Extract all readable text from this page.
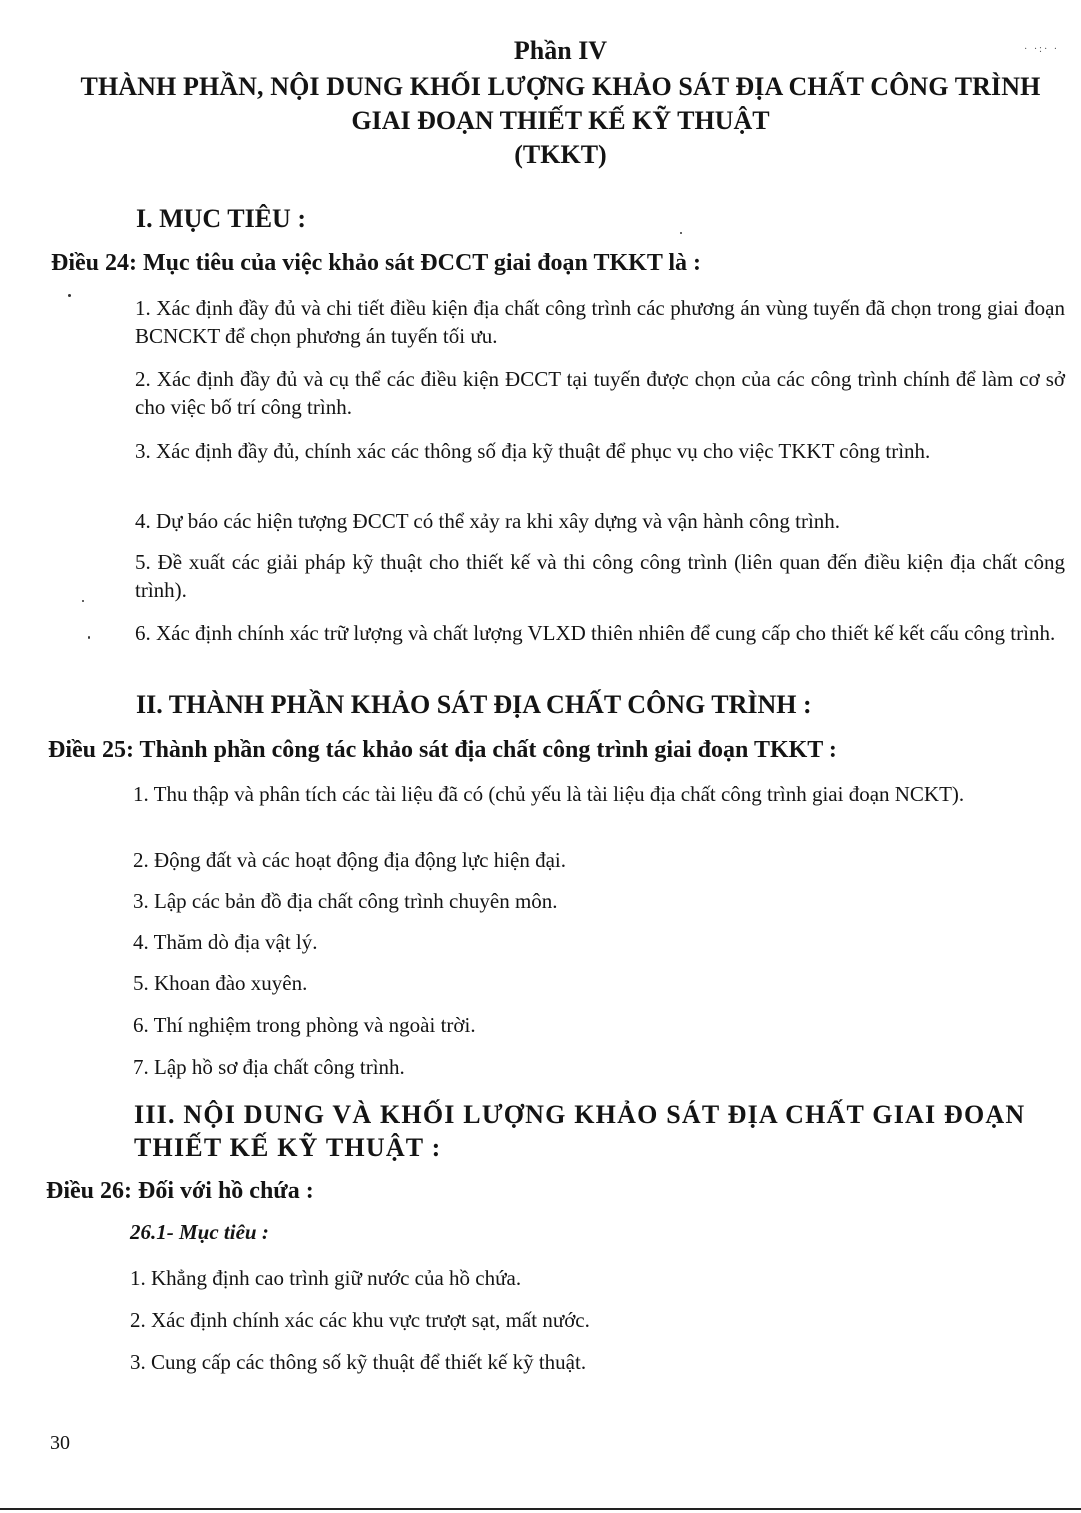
· ·:· ·
Phần IV
THÀNH PHẦN, NỘI DUNG KHỐI LƯỢNG KHẢO SÁT ĐỊA CHẤT CÔNG TRÌNH
GIAI ĐOẠN THIẾT KẾ KỸ THUẬT
(TKKT)
I. MỤC TIÊU :
Điều 24: Mục tiêu của việc khảo sát ĐCCT giai đoạn TKKT là :
1. Xác định đầy đủ và chi tiết điều kiện địa chất công trình các phương án vùng tuyến đã chọn trong giai đoạn BCNCKT để chọn phương án tuyến tối ưu.
2. Xác định đầy đủ và cụ thể các điều kiện ĐCCT tại tuyến được chọn của các công trình chính để làm cơ sở cho việc bố trí công trình.
3. Xác định đầy đủ, chính xác các thông số địa kỹ thuật để phục vụ cho việc TKKT công trình.
4. Dự báo các hiện tượng ĐCCT có thể xảy ra khi xây dựng và vận hành công trình.
5. Đề xuất các giải pháp kỹ thuật cho thiết kế và thi công công trình (liên quan đến điều kiện địa chất công trình).
6. Xác định chính xác trữ lượng và chất lượng VLXD thiên nhiên để cung cấp cho thiết kế kết cấu công trình.
II. THÀNH PHẦN KHẢO SÁT ĐỊA CHẤT CÔNG TRÌNH :
Điều 25: Thành phần công tác khảo sát địa chất công trình giai đoạn TKKT :
1. Thu thập và phân tích các tài liệu đã có (chủ yếu là tài liệu địa chất công trình giai đoạn NCKT).
2. Động đất và các hoạt động địa động lực hiện đại.
3. Lập các bản đồ địa chất công trình chuyên môn.
4. Thăm dò địa vật lý.
5. Khoan đào xuyên.
6. Thí nghiệm trong phòng và ngoài trời.
7. Lập hồ sơ địa chất công trình.
III. NỘI DUNG VÀ KHỐI LƯỢNG KHẢO SÁT ĐỊA CHẤT GIAI ĐOẠN
THIẾT KẾ KỸ THUẬT :
Điều 26: Đối với hồ chứa :
26.1- Mục tiêu :
1. Khẳng định cao trình giữ nước của hồ chứa.
2. Xác định chính xác các khu vực trượt sạt, mất nước.
3. Cung cấp các thông số kỹ thuật để thiết kế kỹ thuật.
30
